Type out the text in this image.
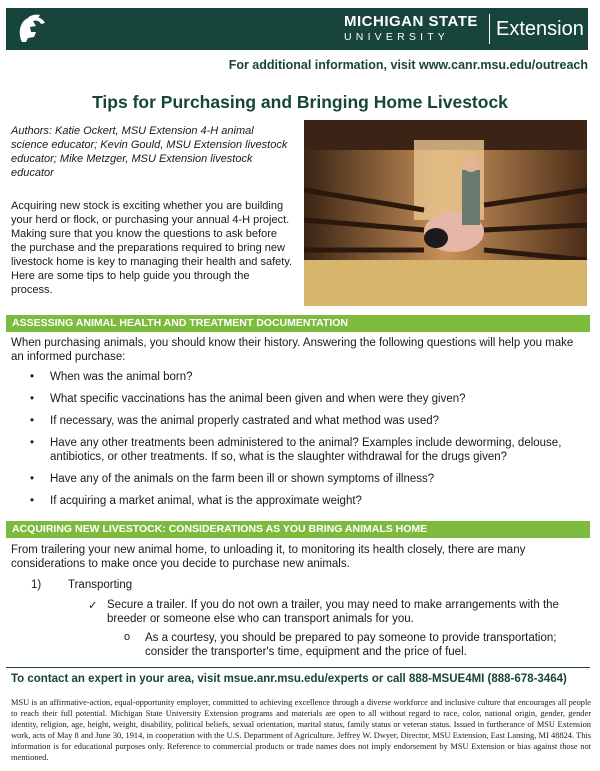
MICHIGAN STATE
UNIVERSITY	Extension
For additional information, visit www.canr.msu.edu/outreach
Tips for Purchasing and Bringing Home Livestock
Authors: Katie Ockert, MSU Extension 4-H animal science educator; Kevin Gould, MSU Extension livestock educator; Mike Metzger, MSU Extension livestock educator
Acquiring new stock is exciting whether you are building your herd or flock, or purchasing your annual 4-H project. Making sure that you know the questions to ask before the purchase and the preparations required to bring new livestock home is key to managing their health and safety. Here are some tips to help guide you through the process.
ASSESSING ANIMAL HEALTH AND TREATMENT DOCUMENTATION
When purchasing animals, you should know their history. Answering the following questions will help you make an informed purchase:
• When was the animal born?
• What specific vaccinations has the animal been given and when were they given?
• If necessary, was the animal properly castrated and what method was used?
• Have any other treatments been administered to the animal? Examples include deworming, delouse, antibiotics, or other treatments. If so, what is the slaughter withdrawal for the drugs given?
• Have any of the animals on the farm been ill or shown symptoms of illness?
• If acquiring a market animal, what is the approximate weight?
ACQUIRING NEW LIVESTOCK: CONSIDERATIONS AS YOU BRING ANIMALS HOME
From trailering your new animal home, to unloading it, to monitoring its health closely, there are many considerations to make once you decide to purchase new animals.
1) Transporting
✓ Secure a trailer. If you do not own a trailer, you may need to make arrangements with the breeder or someone else who can transport animals for you.
o As a courtesy, you should be prepared to pay someone to provide transportation; consider the transporter's time, equipment and the price of fuel.
To contact an expert in your area, visit msue.anr.msu.edu/experts or call 888-MSUE4MI (888-678-3464)
MSU is an affirmative-action, equal-opportunity employer, committed to achieving excellence through a diverse workforce and inclusive culture that encourages all people to reach their full potential. Michigan State University Extension programs and materials are open to all without regard to race, color, national origin, gender, gender identity, religion, age, height, weight, disability, political beliefs, sexual orientation, marital status, family status or veteran status. Issued in furtherance of MSU Extension work, acts of May 8 and June 30, 1914, in cooperation with the U.S. Department of Agriculture. Jeffrey W. Dwyer, Director, MSU Extension, East Lansing, MI 48824. This information is for educational purposes only. Reference to commercial products or trade names does not imply endorsement by MSU Extension or bias against those not mentioned.
